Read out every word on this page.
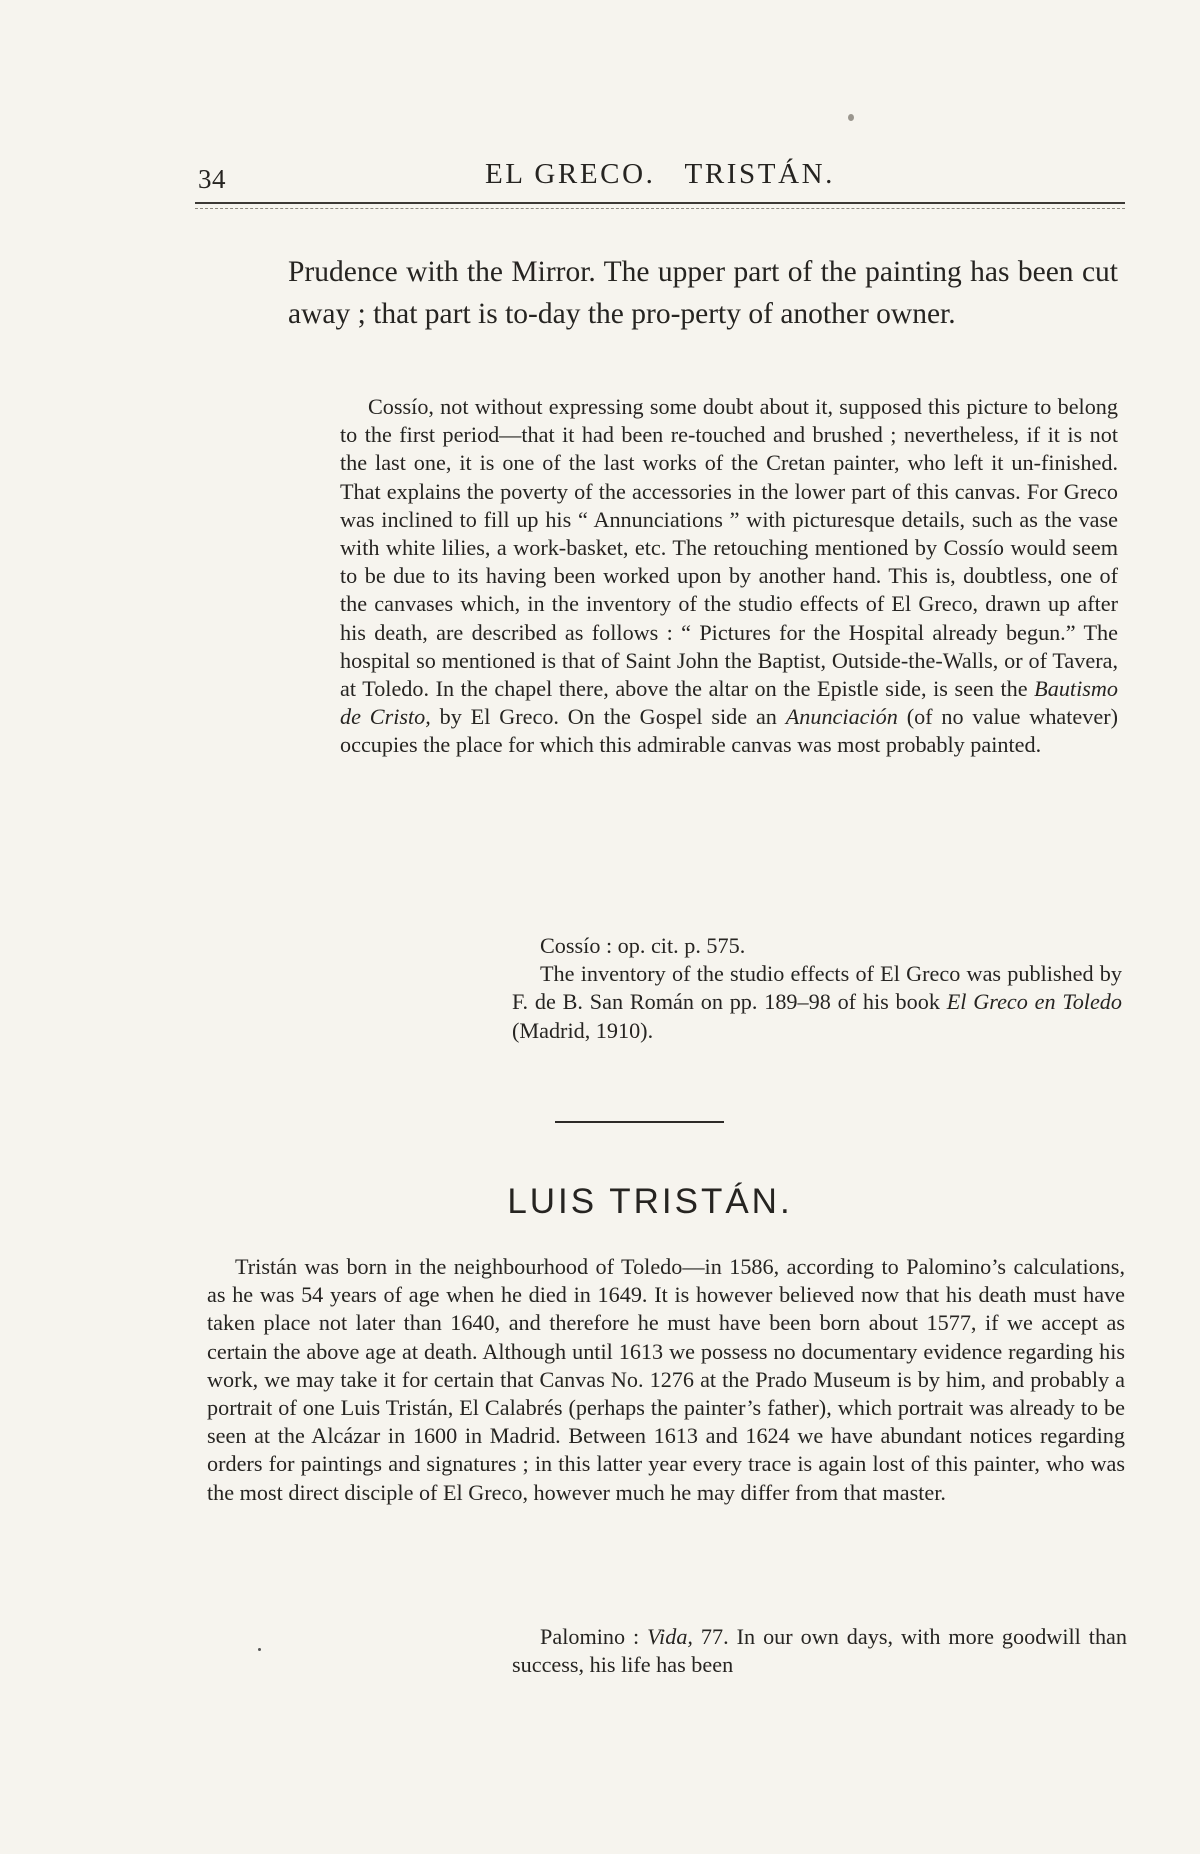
34	EL GRECO.   TRISTÁN.

Prudence with the Mirror. The upper part of the painting has been cut away ; that part is to-day the pro-perty of another owner.

Cossío, not without expressing some doubt about it, supposed this picture to belong to the first period—that it had been re-touched and brushed ; nevertheless, if it is not the last one, it is one of the last works of the Cretan painter, who left it un-finished. That explains the poverty of the accessories in the lower part of this canvas. For Greco was inclined to fill up his “ Annunciations ” with picturesque details, such as the vase with white lilies, a work-basket, etc. The retouching mentioned by Cossío would seem to be due to its having been worked upon by another hand. This is, doubtless, one of the canvases which, in the inventory of the studio effects of El Greco, drawn up after his death, are described as follows : “ Pictures for the Hospital already begun.” The hospital so mentioned is that of Saint John the Baptist, Outside-the-Walls, or of Tavera, at Toledo. In the chapel there, above the altar on the Epistle side, is seen the Bautismo de Cristo, by El Greco. On the Gospel side an Anunciación (of no value whatever) occupies the place for which this admirable canvas was most probably painted.

Cossío : op. cit. p. 575.

The inventory of the studio effects of El Greco was published by F. de B. San Román on pp. 189–98 of his book El Greco en Toledo (Madrid, 1910).

LUIS TRISTÁN.

Tristán was born in the neighbourhood of Toledo—in 1586, according to Palomino’s calculations, as he was 54 years of age when he died in 1649. It is however believed now that his death must have taken place not later than 1640, and therefore he must have been born about 1577, if we accept as certain the above age at death. Although until 1613 we possess no documentary evidence regarding his work, we may take it for certain that Canvas No. 1276 at the Prado Museum is by him, and probably a portrait of one Luis Tristán, El Calabrés (perhaps the painter’s father), which portrait was already to be seen at the Alcázar in 1600 in Madrid. Between 1613 and 1624 we have abundant notices regarding orders for paintings and signatures ; in this latter year every trace is again lost of this painter, who was the most direct disciple of El Greco, however much he may differ from that master.

Palomino : Vida, 77. In our own days, with more goodwill than success, his life has been
